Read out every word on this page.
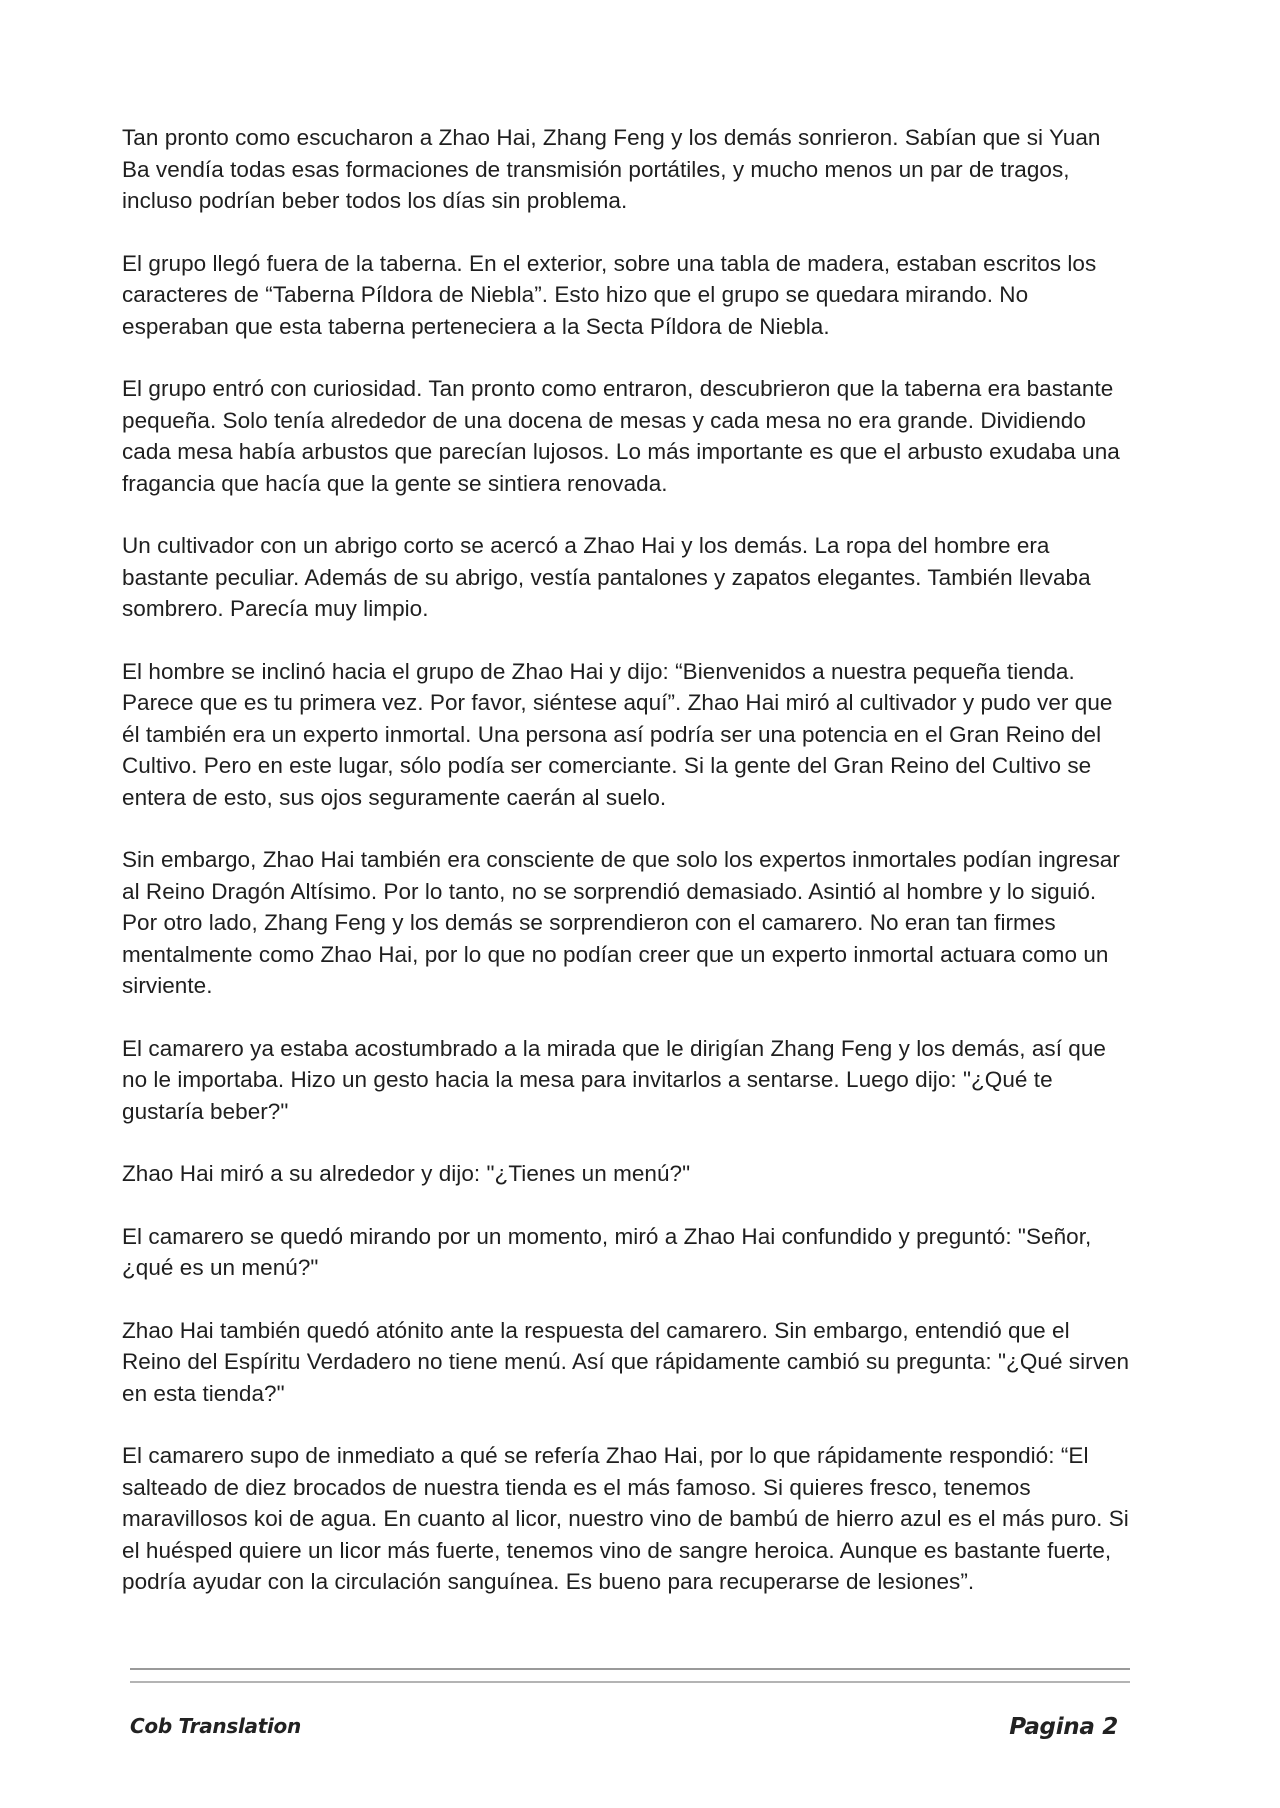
Tan pronto como escucharon a Zhao Hai, Zhang Feng y los demás sonrieron. Sabían que si Yuan Ba vendía todas esas formaciones de transmisión portátiles, y mucho menos un par de tragos, incluso podrían beber todos los días sin problema.

El grupo llegó fuera de la taberna. En el exterior, sobre una tabla de madera, estaban escritos los caracteres de “Taberna Píldora de Niebla”. Esto hizo que el grupo se quedara mirando. No esperaban que esta taberna perteneciera a la Secta Píldora de Niebla.

El grupo entró con curiosidad. Tan pronto como entraron, descubrieron que la taberna era bastante pequeña. Solo tenía alrededor de una docena de mesas y cada mesa no era grande. Dividiendo cada mesa había arbustos que parecían lujosos. Lo más importante es que el arbusto exudaba una fragancia que hacía que la gente se sintiera renovada.

Un cultivador con un abrigo corto se acercó a Zhao Hai y los demás. La ropa del hombre era bastante peculiar. Además de su abrigo, vestía pantalones y zapatos elegantes. También llevaba sombrero. Parecía muy limpio.

El hombre se inclinó hacia el grupo de Zhao Hai y dijo: “Bienvenidos a nuestra pequeña tienda. Parece que es tu primera vez. Por favor, siéntese aquí”. Zhao Hai miró al cultivador y pudo ver que él también era un experto inmortal. Una persona así podría ser una potencia en el Gran Reino del Cultivo. Pero en este lugar, sólo podía ser comerciante. Si la gente del Gran Reino del Cultivo se entera de esto, sus ojos seguramente caerán al suelo.

Sin embargo, Zhao Hai también era consciente de que solo los expertos inmortales podían ingresar al Reino Dragón Altísimo. Por lo tanto, no se sorprendió demasiado. Asintió al hombre y lo siguió. Por otro lado, Zhang Feng y los demás se sorprendieron con el camarero. No eran tan firmes mentalmente como Zhao Hai, por lo que no podían creer que un experto inmortal actuara como un sirviente.

El camarero ya estaba acostumbrado a la mirada que le dirigían Zhang Feng y los demás, así que no le importaba. Hizo un gesto hacia la mesa para invitarlos a sentarse. Luego dijo: "¿Qué te gustaría beber?"

Zhao Hai miró a su alrededor y dijo: "¿Tienes un menú?"

El camarero se quedó mirando por un momento, miró a Zhao Hai confundido y preguntó: "Señor, ¿qué es un menú?"

Zhao Hai también quedó atónito ante la respuesta del camarero. Sin embargo, entendió que el Reino del Espíritu Verdadero no tiene menú. Así que rápidamente cambió su pregunta: "¿Qué sirven en esta tienda?"

El camarero supo de inmediato a qué se refería Zhao Hai, por lo que rápidamente respondió: “El salteado de diez brocados de nuestra tienda es el más famoso. Si quieres fresco, tenemos maravillosos koi de agua. En cuanto al licor, nuestro vino de bambú de hierro azul es el más puro. Si el huésped quiere un licor más fuerte, tenemos vino de sangre heroica. Aunque es bastante fuerte, podría ayudar con la circulación sanguínea. Es bueno para recuperarse de lesiones”.

Cob Translation	Pagina 2
